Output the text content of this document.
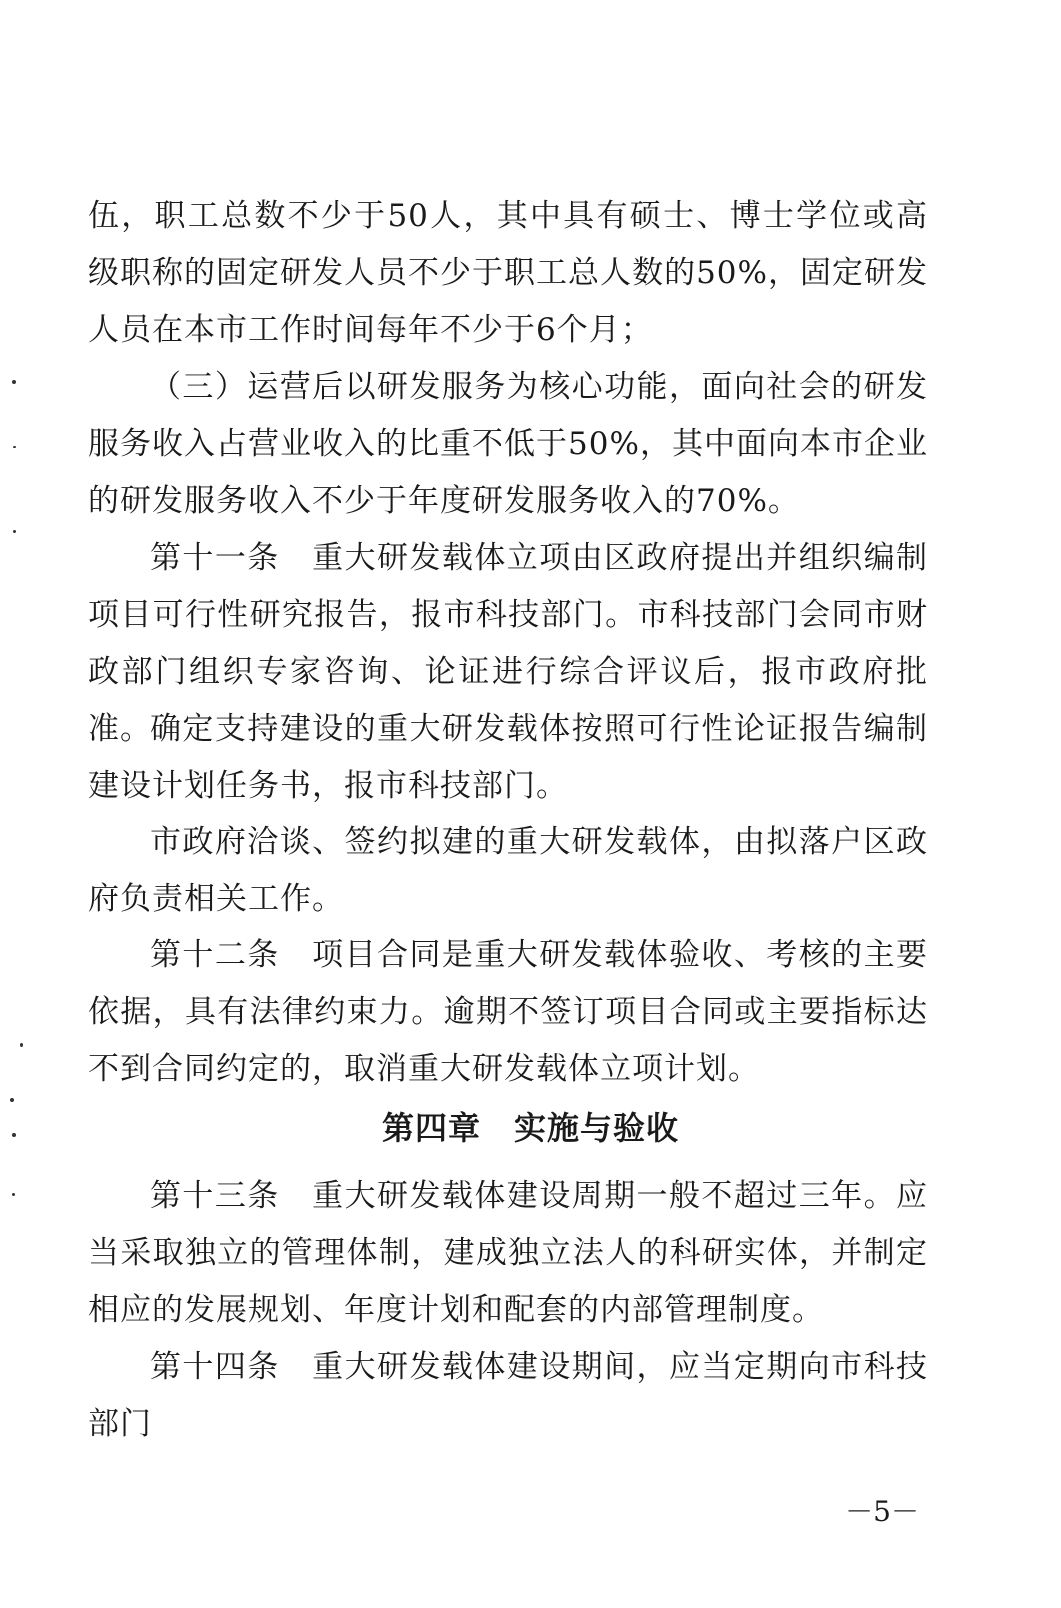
伍，职工总数不少于50人，其中具有硕士、博士学位或高级职称的固定研发人员不少于职工总人数的50%，固定研发人员在本市工作时间每年不少于6个月；

（三）运营后以研发服务为核心功能，面向社会的研发服务收入占营业收入的比重不低于50%，其中面向本市企业的研发服务收入不少于年度研发服务收入的70%。

第十一条　重大研发载体立项由区政府提出并组织编制项目可行性研究报告，报市科技部门。市科技部门会同市财政部门组织专家咨询、论证进行综合评议后，报市政府批准。

确定支持建设的重大研发载体按照可行性论证报告编制建设计划任务书，报市科技部门。

市政府洽谈、签约拟建的重大研发载体，由拟落户区政府负责相关工作。

第十二条　项目合同是重大研发载体验收、考核的主要依据，具有法律约束力。逾期不签订项目合同或主要指标达不到合同约定的，取消重大研发载体立项计划。

第四章　实施与验收

第十三条　重大研发载体建设周期一般不超过三年。应当采取独立的管理体制，建成独立法人的科研实体，并制定相应的发展规划、年度计划和配套的内部管理制度。

第十四条　重大研发载体建设期间，应当定期向市科技部门

－5－
